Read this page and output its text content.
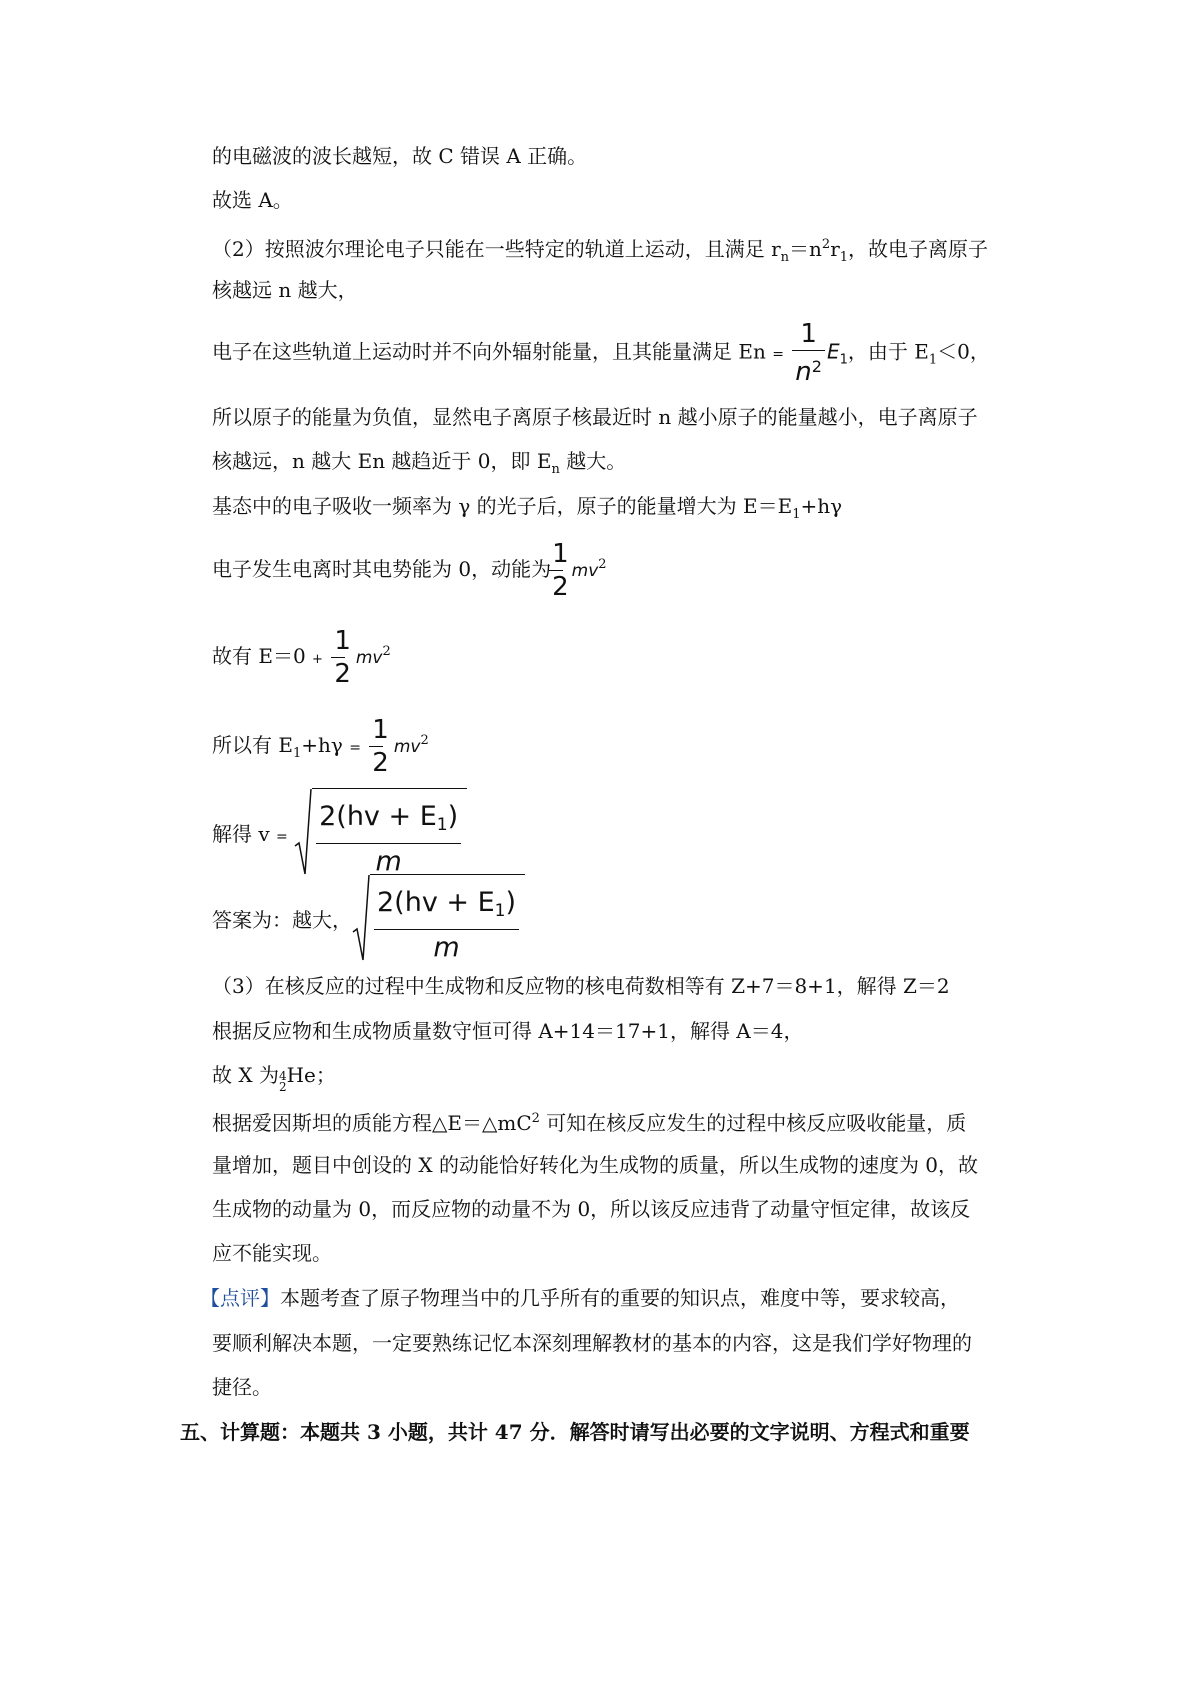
的电磁波的波长越短，故 C 错误 A 正确。
故选 A。
（2）按照波尔理论电子只能在一些特定的轨道上运动，且满足 $r_n=n^2r_1$，故电子离原子
核越远 n 越大，
电子在这些轨道上运动时并不向外辐射能量，且其能量满足 $En = \frac{1}{n^2} E_1$，由于 $E_1<0$，
所以原子的能量为负值，显然电子离原子核最近时 n 越小原子的能量越小，电子离原子
核越远，n 越大 En 越趋近于 0，即 $E_n$ 越大。
基态中的电子吸收一频率为 γ 的光子后，原子的能量增大为 $E=E_1+h\gamma$
电子发生电离时其电势能为 0，动能为
$\frac{1}{2} mv^2$
故有 $E=0 + \frac{1}{2} mv^2$
所以有 $E_1+h\gamma = \frac{1}{2} mv^2$
解得 $v = \frac{2(hv + E_1)}{m}$
答案为：越大， $\frac{2(hv + E_1)}{m}$
（3）在核反应的过程中生成物和反应物的核电荷数相等有 Z+7＝8+1，解得 Z＝2
根据反应物和生成物质量数守恒可得 A+14＝17+1，解得 A＝4，
故 X 为 4
2 He；
根据爱因斯坦的质能方程$\triangle E=\triangle mC^2$ 可知在核反应发生的过程中核反应吸收能量，质
量增加，题目中创设的 X 的动能恰好转化为生成物的质量，所以生成物的速度为 0，故
生成物的动量为 0，而反应物的动量不为 0，所以该反应违背了动量守恒定律，故该反
应不能实现。
【点评】本题考查了原子物理当中的几乎所有的重要的知识点，难度中等，要求较高，
要顺利解决本题，一定要熟练记忆本深刻理解教材的基本的内容，这是我们学好物理的
捷径。
五、计算题：本题共 3 小题，共计 47 分．解答时请写出必要的文字说明、方程式和重要
